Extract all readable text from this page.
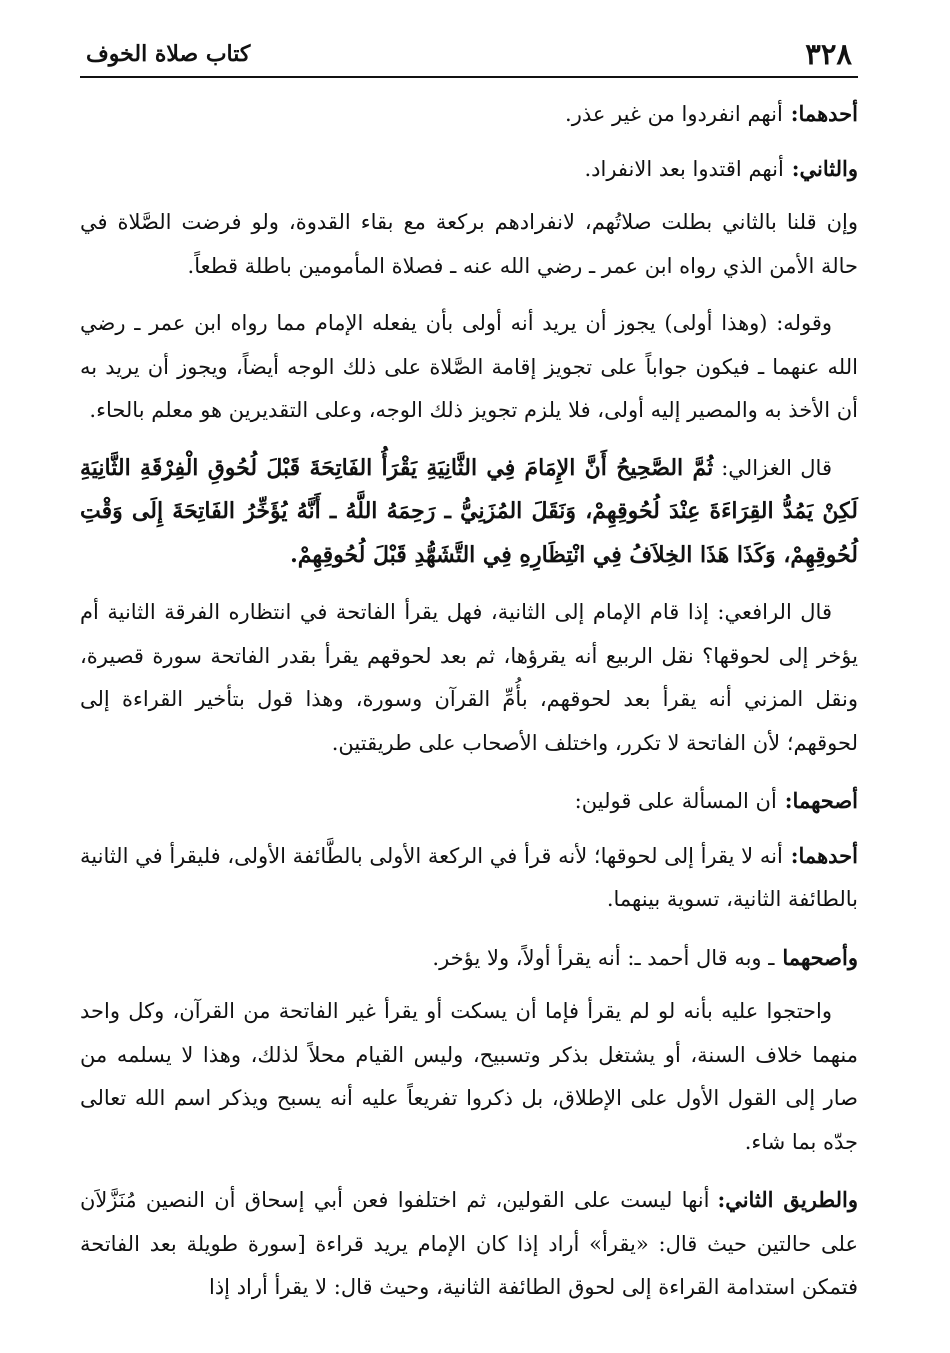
٣٢٨
كتاب صلاة الخوف

أحدهما:أنهم انفردوا من غير عذر.

والثاني:أنهم اقتدوا بعد الانفراد.

وإن قلنا بالثاني بطلت صلاتُهم، لانفرادهم بركعة مع بقاء القدوة، ولو فرضت الصَّلاة في حالة الأمن الذي رواه ابن عمر ـ رضي الله عنه ـ فصلاة المأمومين باطلة قطعاً.

وقوله: (وهذا أولى) يجوز أن يريد أنه أولى بأن يفعله الإمام مما رواه ابن عمر ـ رضي الله عنهما ـ فيكون جواباً على تجويز إقامة الصَّلاة على ذلك الوجه أيضاً، ويجوز أن يريد به أن الأخذ به والمصير إليه أولى، فلا يلزم تجويز ذلك الوجه، وعلى التقديرين هو معلم بالحاء.

قال الغزالي:ثُمَّ الصَّحِيحُ أَنَّ الإِمَامَ فِي الثَّانِيَةِ يَقْرَأُ الفَاتِحَةَ قَبْلَ لُحُوقِ الْفِرْقَةِ الثَّانِيَةِ لَكِنْ يَمُدُّ القِرَاءَةَ عِنْدَ لُحُوقِهِمْ، وَنَقَلَ المُزَنِيُّ ـ رَحِمَهُ اللَّهُ ـ أَنَّهُ يُؤَخِّرُ الفَاتِحَةَ إِلَى وَقْتِ لُحُوقِهِمْ، وَكَذَا هَذَا الخِلاَفُ فِي انْتِظَارِهِ فِي التَّشَهُّدِ قَبْلَ لُحُوقِهِمْ.

قال الرافعي: إذا قام الإمام إلى الثانية، فهل يقرأ الفاتحة في انتظاره الفرقة الثانية أم يؤخر إلى لحوقها؟ نقل الربيع أنه يقرؤها، ثم بعد لحوقهم يقرأ بقدر الفاتحة سورة قصيرة، ونقل المزني أنه يقرأ بعد لحوقهم، بأُمِّ القرآن وسورة، وهذا قول بتأخير القراءة إلى لحوقهم؛ لأن الفاتحة لا تكرر، واختلف الأصحاب على طريقتين.

أصحهما:أن المسألة على قولين:

أحدهما:أنه لا يقرأ إلى لحوقها؛ لأنه قرأ في الركعة الأولى بالطَّائفة الأولى، فليقرأ في الثانية بالطائفة الثانية، تسوية بينهما.

وأصحهماـ وبه قال أحمد ـ: أنه يقرأ أولاً، ولا يؤخر.

واحتجوا عليه بأنه لو لم يقرأ فإما أن يسكت أو يقرأ غير الفاتحة من القرآن، وكل واحد منهما خلاف السنة، أو يشتغل بذكر وتسبيح، وليس القيام محلاً لذلك، وهذا لا يسلمه من صار إلى القول الأول على الإطلاق، بل ذكروا تفريعاً عليه أنه يسبح ويذكر اسم الله تعالى جدّه بما شاء.

والطريق الثاني:أنها ليست على القولين، ثم اختلفوا فعن أبي إسحاق أن النصين مُنَزَّلاَن على حالتين حيث قال: «يقرأ» أراد إذا كان الإمام يريد قراءة [سورة طويلة بعد الفاتحة فتمكن استدامة القراءة إلى لحوق الطائفة الثانية، وحيث قال: لا يقرأ أراد إذا
